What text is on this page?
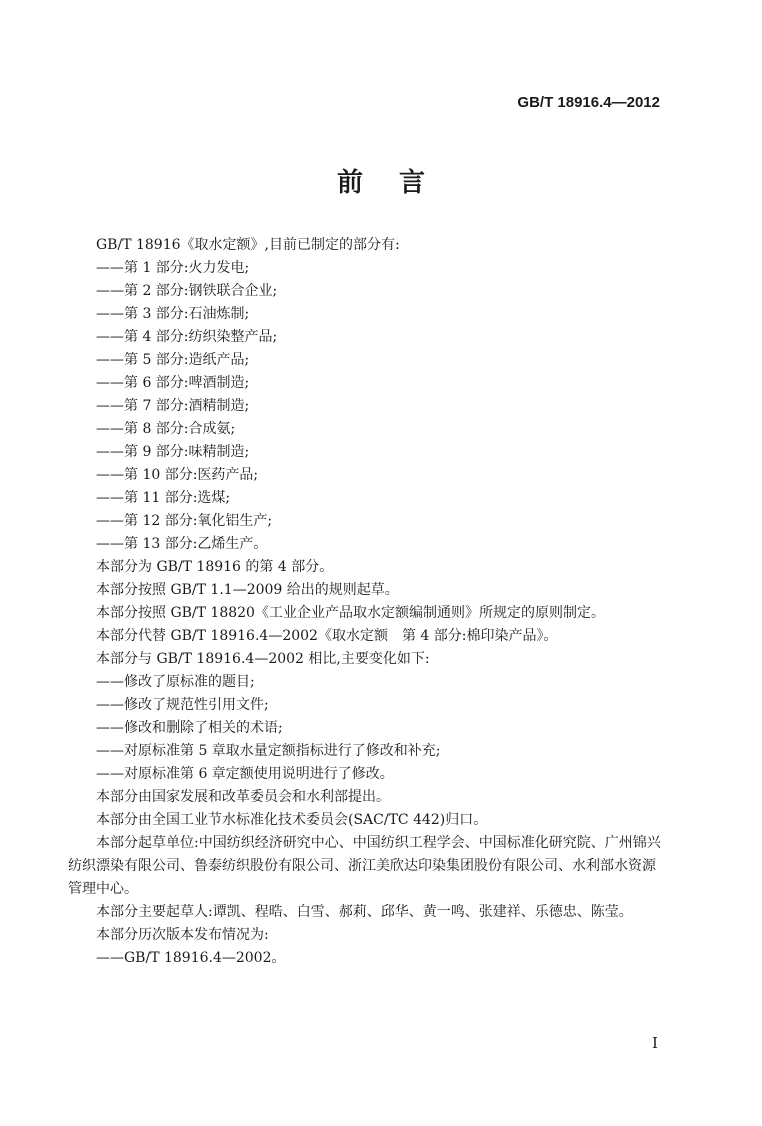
GB/T 18916.4—2012
前言

GB/T 18916《取水定额》,目前已制定的部分有:

——第 1 部分:火力发电;

——第 2 部分:钢铁联合企业;

——第 3 部分:石油炼制;

——第 4 部分:纺织染整产品;

——第 5 部分:造纸产品;

——第 6 部分:啤酒制造;

——第 7 部分:酒精制造;

——第 8 部分:合成氨;

——第 9 部分:味精制造;

——第 10 部分:医药产品;

——第 11 部分:选煤;

——第 12 部分:氧化铝生产;

——第 13 部分:乙烯生产。

本部分为 GB/T 18916 的第 4 部分。

本部分按照 GB/T 1.1—2009 给出的规则起草。

本部分按照 GB/T 18820《工业企业产品取水定额编制通则》所规定的原则制定。

本部分代替 GB/T 18916.4—2002《取水定额　第 4 部分:棉印染产品》。

本部分与 GB/T 18916.4—2002 相比,主要变化如下:

——修改了原标准的题目;

——修改了规范性引用文件;

——修改和删除了相关的术语;

——对原标准第 5 章取水量定额指标进行了修改和补充;

——对原标准第 6 章定额使用说明进行了修改。

本部分由国家发展和改革委员会和水利部提出。

本部分由全国工业节水标准化技术委员会(SAC/TC 442)归口。

本部分起草单位:中国纺织经济研究中心、中国纺织工程学会、中国标准化研究院、广州锦兴纺织漂染有限公司、鲁泰纺织股份有限公司、浙江美欣达印染集团股份有限公司、水利部水资源管理中心。

本部分主要起草人:谭凯、程晧、白雪、郝莉、邱华、黄一鸣、张建祥、乐德忠、陈莹。

本部分历次版本发布情况为:

——GB/T 18916.4—2002。

I
